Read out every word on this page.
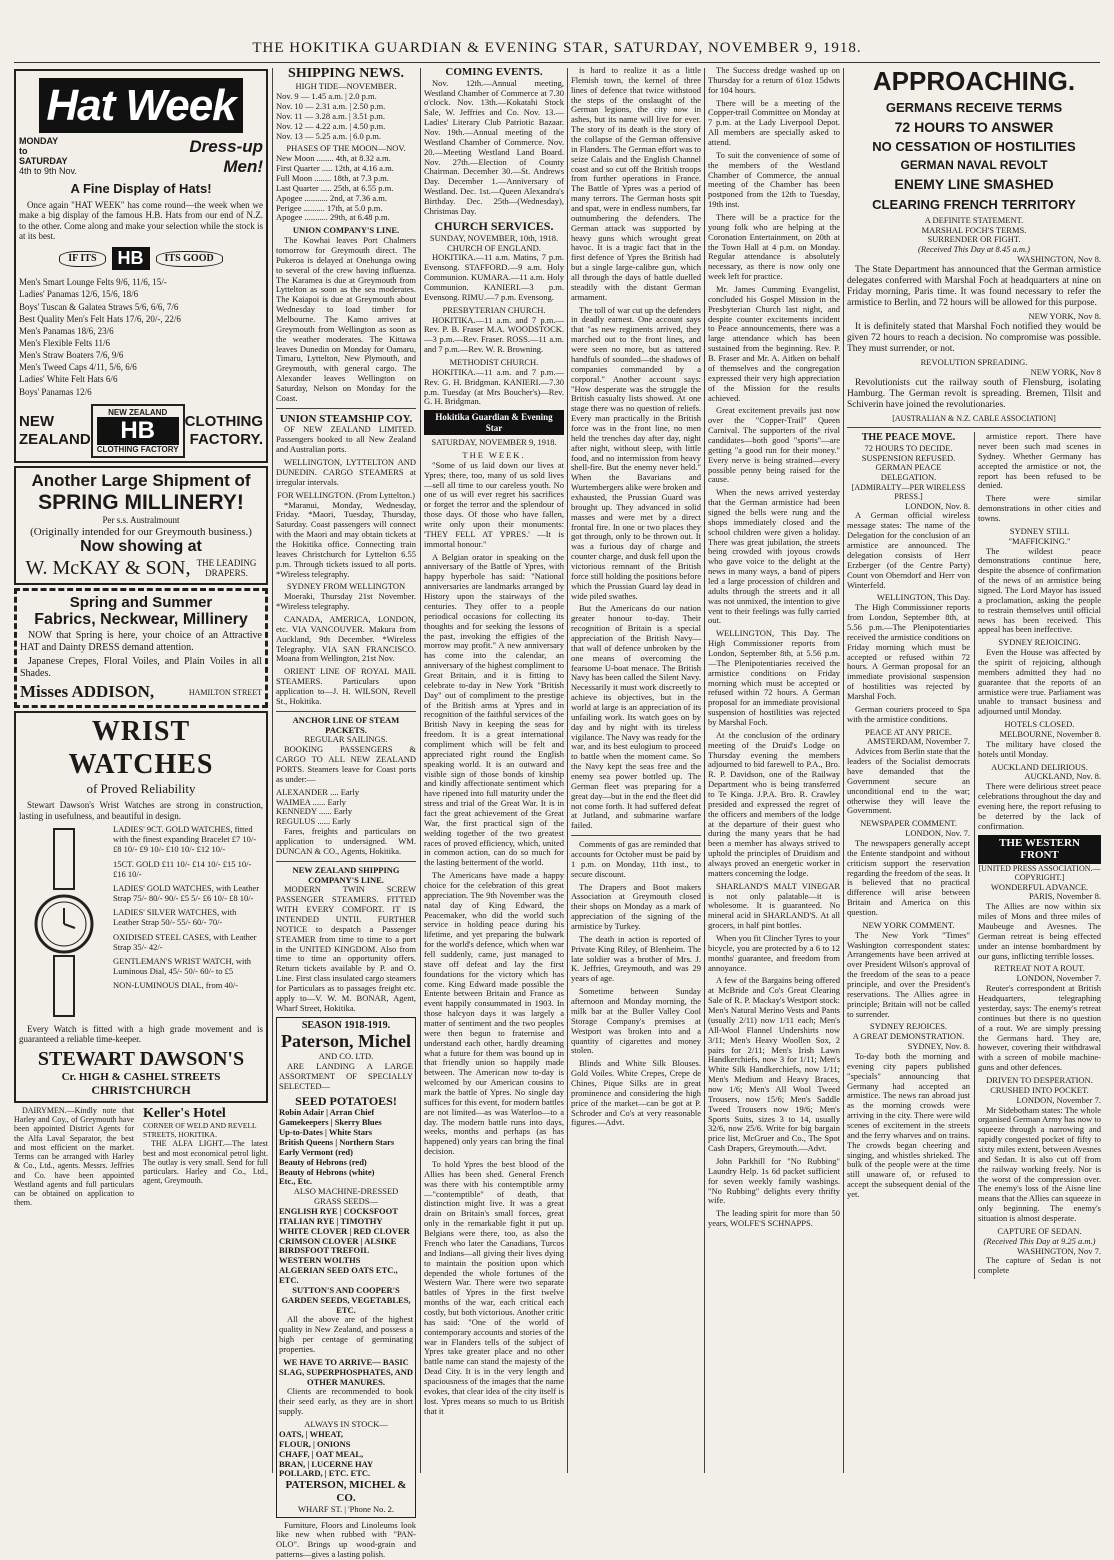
THE HOKITIKA GUARDIAN & EVENING STAR, SATURDAY, NOVEMBER 9, 1918.
Hat Week
MONDAY
to
SATURDAY
4th to 9th Nov.
Dress-up
Men!
A Fine Display of Hats!

Once again "HAT WEEK" has come round—the week when we make a big display of the famous H.B. Hats from our end of N.Z. to the other. Come along and make your selection while the stock is at its best.

IF ITS	HB	ITS GOOD
Men's Smart Lounge Felts 9/6, 11/6, 15/-
Ladies' Panamas 12/6, 15/6, 18/6
Boys' Tuscan & Galatea Straws 5/6, 6/6, 7/6
Best Quality Men's Felt Hats 17/6, 20/-, 22/6
Men's Panamas 18/6, 23/6
Men's Flexible Felts 11/6
Men's Straw Boaters 7/6, 9/6
Men's Tweed Caps 4/11, 5/6, 6/6
Ladies' White Felt Hats 6/6
Boys' Panamas 12/6
NEW
ZEALAND
NEW ZEALAND
HB
CLOTHING FACTORY
CLOTHING
FACTORY.
Another Large Shipment of
SPRING MILLINERY!
Per s.s. Australmount
(Originally intended for our Greymouth business.)
Now showing at
W. McKAY & SON, THE LEADING DRAPERS.
Spring and Summer
Fabrics, Neckwear, Millinery

NOW that Spring is here, your choice of an Attractive HAT and Dainty DRESS demand attention.

Japanese Crepes, Floral Voiles, and Plain Voiles in all Shades.

Misses ADDISON,	HAMILTON STREET
WRIST WATCHES
of Proved Reliability

Stewart Dawson's Wrist Watches are strong in construction, lasting in usefulness, and beautiful in design.

LADIES' 9CT. GOLD WATCHES, fitted with the finest expanding Bracelet £7 10/- £8 10/- £9 10/- £10 10/- £12 10/-
15CT. GOLD £11 10/- £14 10/- £15 10/- £16 10/-
LADIES' GOLD WATCHES, with Leather Strap 75/- 80/- 90/- £5 5/- £6 10/- £8 10/-
LADIES' SILVER WATCHES, with Leather Strap 50/- 55/- 60/- 70/-
OXIDISED STEEL CASES, with Leather Strap 35/- 42/-
GENTLEMAN'S WRIST WATCH, with Luminous Dial, 45/- 50/- 60/- to £5
NON-LUMINOUS DIAL, from 40/-

Every Watch is fitted with a high grade movement and is guaranteed a reliable time-keeper.

STEWART DAWSON'S
Cr. HIGH & CASHEL STREETS
CHRISTCHURCH

DAIRYMEN.—Kindly note that Harley and Coy., of Greymouth have been appointed District Agents for the Alfa Laval Separator, the best and most efficient on the market. Terms can be arranged with Harley & Co., Ltd., agents. Messrs. Jeffries and Co. have been appointed Westland agents and full particulars can be obtained on application to them.

Keller's Hotel
CORNER OF WELD AND REVELL STREETS, HOKITIKA.

THE ALFA LIGHT.—The latest best and most economical petrol light. The outlay is very small. Send for full particulars. Harley and Co., Ltd., agent, Greymouth.

SHIPPING NEWS.
HIGH TIDE—NOVEMBER.
Nov. 9 — 1.45 a.m. | 2.0 p.m.
Nov. 10 — 2.31 a.m. | 2.50 p.m.
Nov. 11 — 3.28 a.m. | 3.51 p.m.
Nov. 12 — 4.22 a.m. | 4.50 p.m.
Nov. 13 — 5.25 a.m. | 6.0 p.m.
PHASES OF THE MOON—NOV.
New Moon ........ 4th, at 8.32 a.m.
First Quarter ..... 12th, at 4.16 a.m.
Full Moon ........ 18th, at 7.3 p.m.
Last Quarter ..... 25th, at 6.55 p.m.
Apogee ........... 2nd, at 7.36 a.m.
Perigee .......... 17th, at 5.0 p.m.
Apogee ........... 29th, at 6.48 p.m.
UNION COMPANY'S LINE.

The Kowhai leaves Port Chalmers tomorrow for Greymouth direct. The Pukeroa is delayed at Onehunga owing to several of the crew having influenza. The Karamea is due at Greymouth from Lyttelton as soon as the sea moderates. The Kaiapoi is due at Greymouth about Wednesday to load timber for Melbourne. The Kamo arrives at Greymouth from Wellington as soon as the weather moderates. The Kittawa leaves Dunedin on Monday for Oamaru, Timaru, Lyttelton, New Plymouth, and Greymouth, with general cargo. The Alexander leaves Wellington on Saturday, Nelson on Monday for the Coast.

UNION STEAMSHIP COY.

OF NEW ZEALAND LIMITED. Passengers booked to all New Zealand and Australian ports.

WELLINGTON, LYTTELTON AND DUNEDIN. CARGO STEAMERS at irregular intervals.

FOR WELLINGTON. (From Lyttelton.)

*Maranui, Monday, Wednesday, Friday. *Maori, Tuesday, Thursday, Saturday. Coast passengers will connect with the Maori and may obtain tickets at the Hokitika office. Connecting train leaves Christchurch for Lyttelton 6.55 p.m. Through tickets issued to all ports. *Wireless telegraphy.

SYDNEY FROM WELLINGTON

Moeraki, Thursday 21st November. *Wireless telegraphy.

CANADA, AMERICA, LONDON, etc. VIA VANCOUVER. Makura from Auckland, 9th December. *Wireless Telegraphy. VIA SAN FRANCISCO. Moana from Wellington, 21st Nov.

ORIENT LINE OF ROYAL MAIL STEAMERS. Particulars upon application to—J. H. WILSON, Revell St., Hokitika.

ANCHOR LINE OF STEAM PACKETS.
REGULAR SAILINGS.

BOOKING PASSENGERS & CARGO TO ALL NEW ZEALAND PORTS. Steamers leave for Coast ports as under:—

ALEXANDER .... Early
WAIMEA ...... Early
KENNEDY ...... Early
REGULUS ...... Early

Fares, freights and particulars on application to undersigned. WM. DUNCAN & CO., Agents, Hokitika.

NEW ZEALAND SHIPPING COMPANY'S LINE.

MODERN TWIN SCREW PASSENGER STEAMERS. FITTED WITH EVERY COMFORT. IT IS INTENDED UNTIL FURTHER NOTICE to despatch a Passenger STEAMER from time to time to a port in the UNITED KINGDOM. Also from time to time an opportunity offers. Return tickets available by P. and O. Line. First class insulated cargo steamers for Particulars as to passages freight etc. apply to—V. W. M. BONAR, Agent, Wharf Street, Hokitika.

SEASON 1918-1919.
Paterson, Michel
AND CO. LTD.

ARE LANDING A LARGE ASSORTMENT OF SPECIALLY SELECTED—

SEED POTATOES!
Robin Adair | Arran Chief
Gamekeepers | Skerry Blues
Up-to-Dates | White Stars
British Queens | Northern Stars
Early Vermont (red)
Beauty of Hebrons (red)
Beauty of Hebrons (white)
Etc., Etc.
ALSO MACHINE-DRESSED GRASS SEEDS—
ENGLISH RYE | COCKSFOOT
ITALIAN RYE | TIMOTHY
WHITE CLOVER | RED CLOVER
CRIMSON CLOVER | ALSIKE
BIRDSFOOT TREFOIL
WESTERN WOLTHS
ALGERIAN SEED OATS ETC., ETC.
SUTTON'S AND COOPER'S GARDEN SEEDS, VEGETABLES, ETC.

All the above are of the highest quality in New Zealand, and possess a high per centage of germinating properties.

WE HAVE TO ARRIVE— BASIC SLAG, SUPERPHOSPHATES, AND OTHER MANURES.

Clients are recommended to book their seed early, as they are in short supply.

ALWAYS IN STOCK—
OATS, | WHEAT,
FLOUR, | ONIONS
CHAFF, | OAT MEAL,
BRAN, | LUCERNE HAY
POLLARD, | ETC. ETC.
PATERSON, MICHEL & CO.
WHARF ST. | 'Phone No. 2.

Furniture, Floors and Linoleums look like new when rubbed with "PAN-OLO". Brings up wood-grain and patterns—gives a lasting polish.

COMING EVENTS.

Nov. 12th.—Annual meeting, Westland Chamber of Commerce at 7.30 o'clock. Nov. 13th.—Kokatahi Stock Sale, W. Jeffries and Co. Nov. 13.—Ladies' Literary Club Patriotic Bazaar. Nov. 19th.—Annual meeting of the Westland Chamber of Commerce. Nov. 20.—Meeting Westland Land Board. Nov. 27th.—Election of County Chairman. December 30.—St. Andrews Day. December 1.—Anniversary of Westland. Dec. 1st.—Queen Alexandra's Birthday. Dec. 25th—(Wednesday), Christmas Day.

CHURCH SERVICES.
SUNDAY, NOVEMBER, 10th, 1918.
CHURCH OF ENGLAND.

HOKITIKA.—11 a.m. Matins, 7 p.m. Evensong. STAFFORD.—9 a.m. Holy Communion. KUMARA.—11 a.m. Holy Communion. KANIERI.—3 p.m. Evensong. RIMU.—7 p.m. Evensong.

PRESBYTERIAN CHURCH.

HOKITIKA.—11 a.m. and 7 p.m.—Rev. P. B. Fraser M.A. WOODSTOCK.—3 p.m.—Rev. Fraser. ROSS.—11 a.m. and 7 p.m.—Rev. W. R. Browning.

METHODIST CHURCH.

HOKITIKA.—11 a.m. and 7 p.m.—Rev. G. H. Bridgman. KANIERI.—7.30 p.m. Tuesday (at Mrs Boucher's)—Rev. G. H. Bridgman.

Hokitika Guardian & Evening Star
SATURDAY, NOVEMBER 9, 1918.
THE WEEK.

"Some of us laid down our lives at Ypres; there, too, many of us sold lives—sell all time to our careless youth. No one of us will ever regret his sacrifices or forget the terror and the splendour of those days. Of those who have fallen, write only upon their monuments: 'THEY FELL AT YPRES.' —It is immortal honour."

A Belgian orator in speaking on the anniversary of the Battle of Ypres, with happy hyperbole has said: "National anniversaries are landmarks arranged by History upon the stairways of the centuries. They offer to a people periodical occasions for collecting its thoughts and for seeking the lessons of the past, invoking the effigies of the morrow may profit." A new anniversary has come into the calendar, an anniversary of the highest compliment to Great Britain, and it is fitting to celebrate to-day in New York "British Day" out of compliment to the prestige of the British arms at Ypres and in recognition of the faithful services of the British Navy in keeping the seas for freedom. It is a great international compliment which will be felt and appreciated right round the English speaking world. It is an outward and visible sign of those bonds of kinship and kindly affectionate sentiment which have ripened into full maturity under the stress and trial of the Great War. It is in fact the great achievement of the Great War, the first practical sign of the welding together of the two greatest races of proved efficiency, which, united in common action, can do so much for the lasting betterment of the world.

The Americans have made a happy choice for the celebration of this great appreciation. The 9th November was the natal day of King Edward, the Peacemaker, who did the world such service in holding peace during his lifetime, and yet preparing the bulwark for the world's defence, which when war fell suddenly, came, just managed to stave off defeat and lay the first foundations for the victory which has come. King Edward made possible the Entente between Britain and France as event happily consummated in 1903. In those halcyon days it was largely a matter of sentiment and the two peoples were then begun to fraternise and understand each other, hardly dreaming what a future for them was bound up in that friendly union so happily made between. The American now to-day is welcomed by our American cousins to mark the battle of Ypres. No single day suffices for this event, for modern battles are not limited—as was Waterloo—to a day. The modern battle runs into days, weeks, months and perhaps (as has happened) only years can bring the final decision.

To hold Ypres the best blood of the Allies has been shed. General French was there with his contemptible army—"contemptible" of death, that distinction might live. It was a great drain on Britain's small forces, great only in the remarkable fight it put up. Belgians were there, too, as also the French who later the Canadians, Turcos and Indians—all giving their lives dying to maintain the position upon which depended the whole fortunes of the Western War. There were two separate battles of Ypres in the first twelve months of the war, each critical each costly, but both victorious. Another critic has said: "One of the world of contemporary accounts and stories of the war in Flanders tells of the subject of Ypres take greater place and no other battle name can stand the majesty of the Dead City. It is in the very length and spaciousness of the images that the name evokes, that clear idea of the city itself is lost. Ypres means so much to us British that it

is hard to realize it as a little Flemish town, the kernel of three lines of defence that twice withstood the steps of the onslaught of the German legions, the city now in ashes, but its name will live for ever. The story of its death is the story of the collapse of the German offensive in Flanders. The German effort was to seize Calais and the English Channel coast and so cut off the British troops from further operations in France. The Battle of Ypres was a period of many terrors. The German hosts spit and spat, were in endless numbers, far outnumbering the defenders. The German attack was supported by heavy guns which wrought great havoc. It is a tragic fact that in the first defence of Ypres the British had but a single large-calibre gun, which all through the days of battle duelled steadily with the distant German armament.

The toll of war cut up the defenders in deadly earnest. One account says that "as new regiments arrived, they marched out to the front lines, and were seen no more, but as tattered handfuls of sounded—the shadows of companies commanded by a corporal." Another account says: "How desperate was the struggle the British casualty lists showed. At one stage there was no question of reliefs. Every man practically in the British force was in the front line, no men held the trenches day after day, night after night, without sleep, with little food, and no intermission from heavy shell-fire. But the enemy never held." When the Bavarians and Wurtembergers alike were broken and exhausted, the Prussian Guard was brought up. They advanced in solid masses and were met by a direct frontal fire. In one or two places they got through, only to be thrown out. It was a furious day of charge and counter charge, and dusk fell upon the victorious remnant of the British force still holding the positions before which the Prussian Guard lay dead in wide piled swathes.

But the Americans do our nation greater honour to-day. Their recognition of Britain is a special appreciation of the British Navy—that wall of defence unbroken by the one means of overcoming the fearsome U-boat menace. The British Navy has been called the Silent Navy. Necessarily it must work discreetly to achieve its objectives, but in the world at large is an appreciation of its unfailing work. Its watch goes on by day and by night with its tireless vigilance. The Navy was ready for the war, and its best eulogium to proceed to battle when the moment came. So the Navy kept the seas free and the enemy sea power bottled up. The German fleet was preparing for a great day—but in the end the fleet did not come forth. It had suffered defeat at Jutland, and submarine warfare failed.

Comments of gas are reminded that accounts for October must be paid by 1 p.m. on Monday, 11th inst., to secure discount.

The Drapers and Boot makers Association at Greymouth closed their shops on Monday as a mark of appreciation of the signing of the armistice by Turkey.

The death in action is reported of Private King Riley, of Blenheim. The late soldier was a brother of Mrs. J. K. Jeffries, Greymouth, and was 29 years of age.

Sometime between Sunday afternoon and Monday morning, the milk bar at the Buller Valley Cool Storage Company's premises at Westport was broken into and a quantity of cigarettes and money stolen.

Blinds and White Silk Blouses. Gold Voiles. White Crepes, Crepe de Chines, Pique Silks are in great prominence and considering the high price of the market—can be got at P. Schroder and Co's at very reasonable figures.—Advt.

The Success dredge washed up on Thursday for a return of 61oz 15dwts for 104 hours.

There will be a meeting of the Copper-trail Committee on Monday at 7 p.m. at the Lady Liverpool Depot. All members are specially asked to attend.

To suit the convenience of some of the members of the Westland Chamber of Commerce, the annual meeting of the Chamber has been postponed from the 12th to Tuesday, 19th inst.

There will be a practice for the young folk who are helping at the Coronation Entertainment, on 20th at the Town Hall at 4 p.m. on Monday. Regular attendance is absolutely necessary, as there is now only one week left for practice.

Mr. James Cumming Evangelist, concluded his Gospel Mission in the Presbyterian Church last night, and despite counter excitements incident to Peace announcements, there was a large attendance which has been sustained from the beginning. Rev. P. B. Fraser and Mr. A. Aitken on behalf of themselves and the congregation expressed their very high appreciation of the Mission for the results achieved.

Great excitement prevails just now over the "Copper-Trail" Queen Carnival. The supporters of the rival candidates—both good "sports"—are getting "a good run for their money." Every nerve is being strained—every possible penny being raised for the cause.

When the news arrived yesterday that the German armistice had been signed the bells were rung and the shops immediately closed and the school children were given a holiday. There was great jubilation, the streets being crowded with joyous crowds who gave voice to the delight at the news in many ways, a band of pipers led a large procession of children and adults through the streets and it all was not unmixed, the intention to give vent to their feelings was fully carried out.

WELLINGTON, This Day. The High Commissioner reports from London, September 8th, at 5.56 p.m.—The Plenipotentiaries received the armistice conditions on Friday morning which must be accepted or refused within 72 hours. A German proposal for an immediate provisional suspension of hostilities was rejected by Marshal Foch.

At the conclusion of the ordinary meeting of the Druid's Lodge on Thursday evening the members adjourned to bid farewell to P.A., Bro. R. P. Davidson, one of the Railway Department who is being transferred to Te Kinga. J.P.A. Bro. R. Crawley presided and expressed the regret of the officers and members of the lodge at the departure of their guest who during the many years that he had been a member has always strived to uphold the principles of Druidism and always proved an energetic worker in matters concerning the lodge.

SHARLAND'S MALT VINEGAR is not only palatable—it is wholesome. It is guaranteed. No mineral acid in SHARLAND'S. At all grocers, in half pint bottles.

When you fit Clincher Tyres to your bicycle, you are protected by a 6 to 12 months' guarantee, and freedom from annoyance.

A few of the Bargains being offered at McBride and Co's Great Clearing Sale of R. P. Mackay's Westport stock: Men's Natural Merino Vests and Pants (usually 2/11) now 1/11 each; Men's All-Wool Flannel Undershirts now 3/11; Men's Heavy Woollen Sox, 2 pairs for 2/11; Men's Irish Lawn Handkerchiefs, now 3 for 1/11; Men's White Silk Handkerchiefs, now 1/11; Men's Medium and Heavy Braces, now 1/6; Men's All Wool Tweed Trousers, now 15/6; Men's Saddle Tweed Trousers now 19/6; Men's Sports Suits, sizes 3 to 14, usually 32/6, now 25/6. Write for big bargain price list, McGruer and Co., The Spot Cash Drapers, Greymouth.—Advt.

John Parkhill for "No Rubbing" Laundry Help. 1s 6d packet sufficient for seven weekly family washings. "No Rubbing" delights every thrifty wife.

The leading spirit for more than 50 years, WOLFE'S SCHNAPPS.

APPROACHING.
GERMANS RECEIVE TERMS
72 HOURS TO ANSWER
NO CESSATION OF HOSTILITIES
GERMAN NAVAL REVOLT
ENEMY LINE SMASHED
CLEARING FRENCH TERRITORY
A DEFINITE STATEMENT.
MARSHAL FOCH'S TERMS.
SURRENDER OR FIGHT.
(Received This Day at 8.45 a.m.)
WASHINGTON, Nov 8.

The State Department has announced that the German armistice delegates conferred with Marshal Foch at headquarters at nine on Friday morning, Paris time. It was found necessary to refer the armistice to Berlin, and 72 hours will be allowed for this purpose.

NEW YORK, Nov 8.

It is definitely stated that Marshal Foch notified they would be given 72 hours to reach a decision. No compromise was possible. They must surrender, or not.

REVOLUTION SPREADING.
NEW YORK, Nov 8

Revolutionists cut the railway south of Flensburg, isolating Hamburg. The German revolt is spreading. Bremen, Tilsit and Schiverin have joined the revolutionaries.

[AUSTRALIAN & N.Z. CABLE ASSOCIATION]
THE PEACE MOVE.
72 HOURS TO DECIDE.
SUSPENSION REFUSED.
GERMAN PEACE DELEGATION.
[ADMIRALTY—PER WIRELESS PRESS.]
LONDON, Nov. 8.

A German official wireless message states: The name of the Delegation for the conclusion of an armistice are announced. The delegation consists of Herr Erzberger (of the Centre Party) Count von Oberndorf and Herr von Winterfeld.

WELLINGTON, This Day.

The High Commissioner reports from London, September 8th, at 5.56 p.m.—The Plenipotentiaries received the armistice conditions on Friday morning which must be accepted or refused within 72 hours. A German proposal for an immediate provisional suspension of hostilities was rejected by Marshal Foch.

German couriers proceed to Spa with the armistice conditions.

PEACE AT ANY PRICE.
AMSTERDAM, November 7.

Advices from Berlin state that the leaders of the Socialist democrats have demanded that the Government secure an unconditional end to the war; otherwise they will leave the Government.

NEWSPAPER COMMENT.
LONDON, Nov. 7.

The newspapers generally accept the Entente standpoint and without criticism support the reservation regarding the freedom of the seas. It is believed that no practical difference will arise between Britain and America on this question.

NEW YORK COMMENT.

The New York "Times" Washington correspondent states: Arrangements have been arrived at over President Wilson's approval of the freedom of the seas to a peace principle, and over the President's reservations. The Allies agree in principle; Britain will not be called to surrender.

SYDNEY REJOICES.
A GREAT DEMONSTRATION.
SYDNEY, Nov. 8.

To-day both the morning and evening city papers published "specials" announcing that Germany had accepted an armistice. The news ran abroad just as the morning crowds were arriving in the city. There were wild scenes of excitement in the streets and the ferry wharves and on trains. The crowds began cheering and singing, and whistles shrieked. The bulk of the people were at the time still unaware of, or refused to accept the subsequent denial of the yet.

armistice report. There have never been such mad scenes in Sydney. Whether Germany has accepted the armistice or not, the report has been refused to be denied.

There were similar demonstrations in other cities and towns.

SYDNEY STILL "MAFFICKING."

The wildest peace demonstrations continue here, despite the absence of confirmation of the news of an armistice being signed. The Lord Mayor has issued a proclamation, asking the people to restrain themselves until official news has been received. This appeal has been ineffective.

SYDNEY REJOICING.

Even the House was affected by the spirit of rejoicing, although members admitted they had no guarantee that the reports of an armistice were true. Parliament was unable to transact business and adjourned until Monday.

HOTELS CLOSED.
MELBOURNE, November 8.

The military have closed the hotels until Monday.

AUCKLAND DELIRIOUS.
AUCKLAND, Nov. 8.

There were delirious street peace celebrations throughout the day and evening here, the report refusing to be deterred by the lack of confirmation.

THE WESTERN FRONT
[UNITED PRESS ASSOCIATION.—COPYRIGHT.]
WONDERFUL ADVANCE.
PARIS, November 8.

The Allies are now within six miles of Mons and three miles of Maubeuge and Avesnes. The German retreat is being effected under an intense bombardment by our guns, inflicting terrible losses.

RETREAT NOT A ROUT.
LONDON, November 7.

Reuter's correspondent at British Headquarters, telegraphing yesterday, says: The enemy's retreat continues but there is no question of a rout. We are simply pressing the Germans hard. They are, however, covering their withdrawal with a screen of mobile machine-guns and other defences.

DRIVEN TO DESPERATION.
CRUSHED INTO POCKET.
LONDON, November 7.

Mr Sidebotham states: The whole organised German Army has now to squeeze through a narrowing and rapidly congested pocket of fifty to sixty miles extent, between Avesnes and Sedan. It is also cut off from the railway working freely. Nor is the worst of the compression over. The enemy's loss of the Aisne line means that the Allies can squeeze in only beginning. The enemy's situation is almost desperate.

CAPTURE OF SEDAN.
(Received This Day at 9.25 a.m.)
WASHINGTON, Nov 7.

The capture of Sedan is not complete
